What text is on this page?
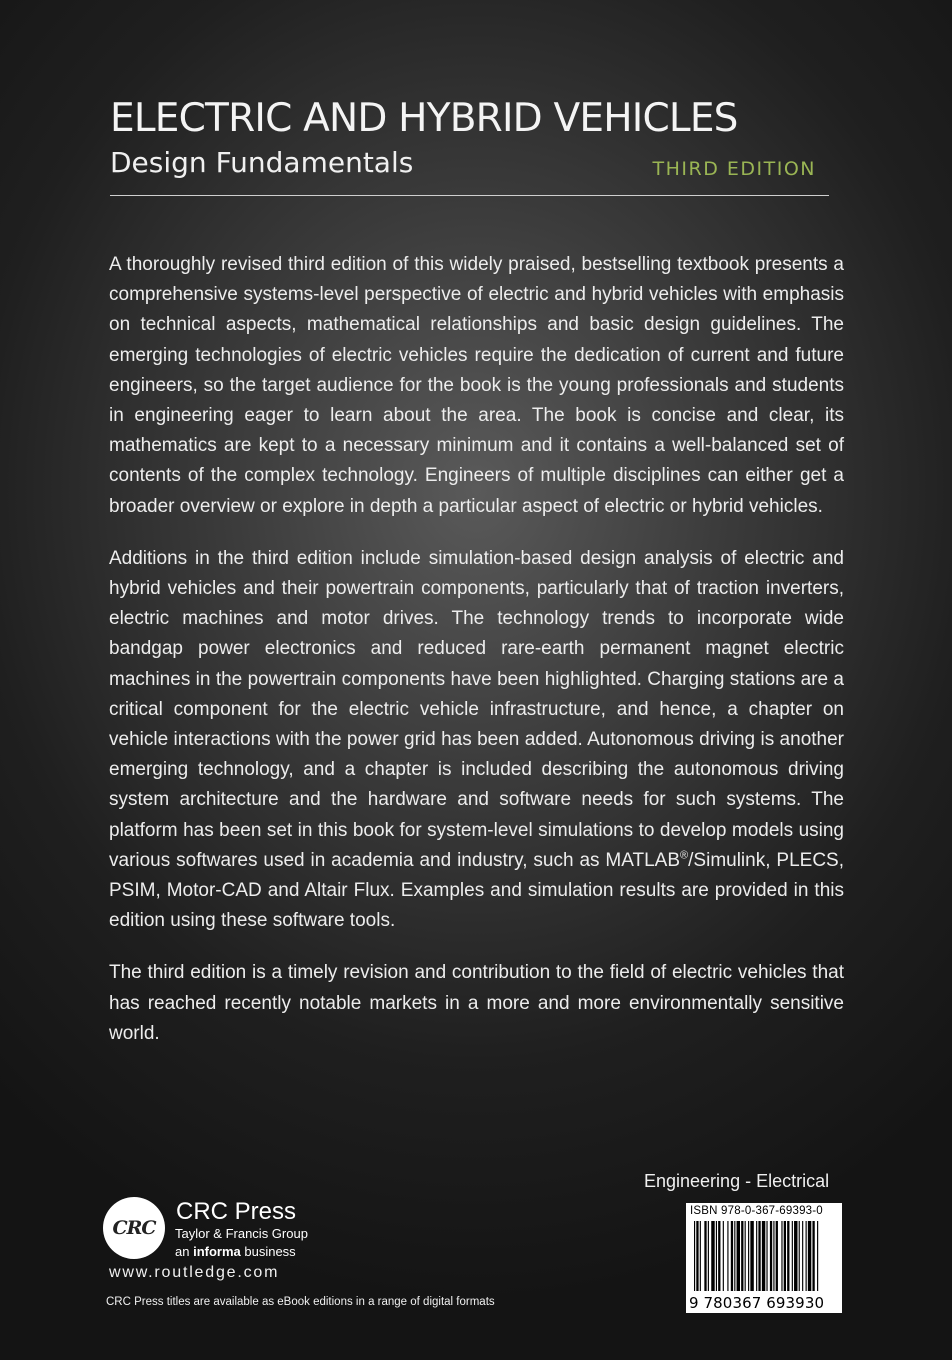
ELECTRIC AND HYBRID VEHICLES
Design Fundamentals	THIRD EDITION

A thoroughly revised third edition of this widely praised, bestselling textbook presents a comprehensive systems-level perspective of electric and hybrid vehicles with emphasis on technical aspects, mathematical relationships and basic design guidelines. The emerging technologies of electric vehicles require the dedication of current and future engineers, so the target audience for the book is the young professionals and students in engineering eager to learn about the area. The book is concise and clear, its mathematics are kept to a necessary minimum and it contains a well-balanced set of contents of the complex technology. Engineers of multiple disciplines can either get a broader overview or explore in depth a particular aspect of electric or hybrid vehicles.

Additions in the third edition include simulation-based design analysis of electric and hybrid vehicles and their powertrain components, particularly that of traction inverters, electric machines and motor drives. The technology trends to incorporate wide bandgap power electronics and reduced rare-earth permanent magnet electric machines in the powertrain components have been highlighted. Charging stations are a critical component for the electric vehicle infrastructure, and hence, a chapter on vehicle interactions with the power grid has been added. Autonomous driving is another emerging technology, and a chapter is included describing the autonomous driving system architecture and the hardware and software needs for such systems. The platform has been set in this book for system-level simulations to develop models using various softwares used in academia and industry, such as MATLAB®/Simulink, PLECS, PSIM, Motor-CAD and Altair Flux. Examples and simulation results are provided in this edition using these software tools.

The third edition is a timely revision and contribution to the field of electric vehicles that has reached recently notable markets in a more and more environmentally sensitive world.

CRC
CRC Press
Taylor & Francis Group
an informa business
www.routledge.com
CRC Press titles are available as eBook editions in a range of digital formats
Engineering - Electrical
ISBN 978-0-367-69393-0
9 780367 693930
